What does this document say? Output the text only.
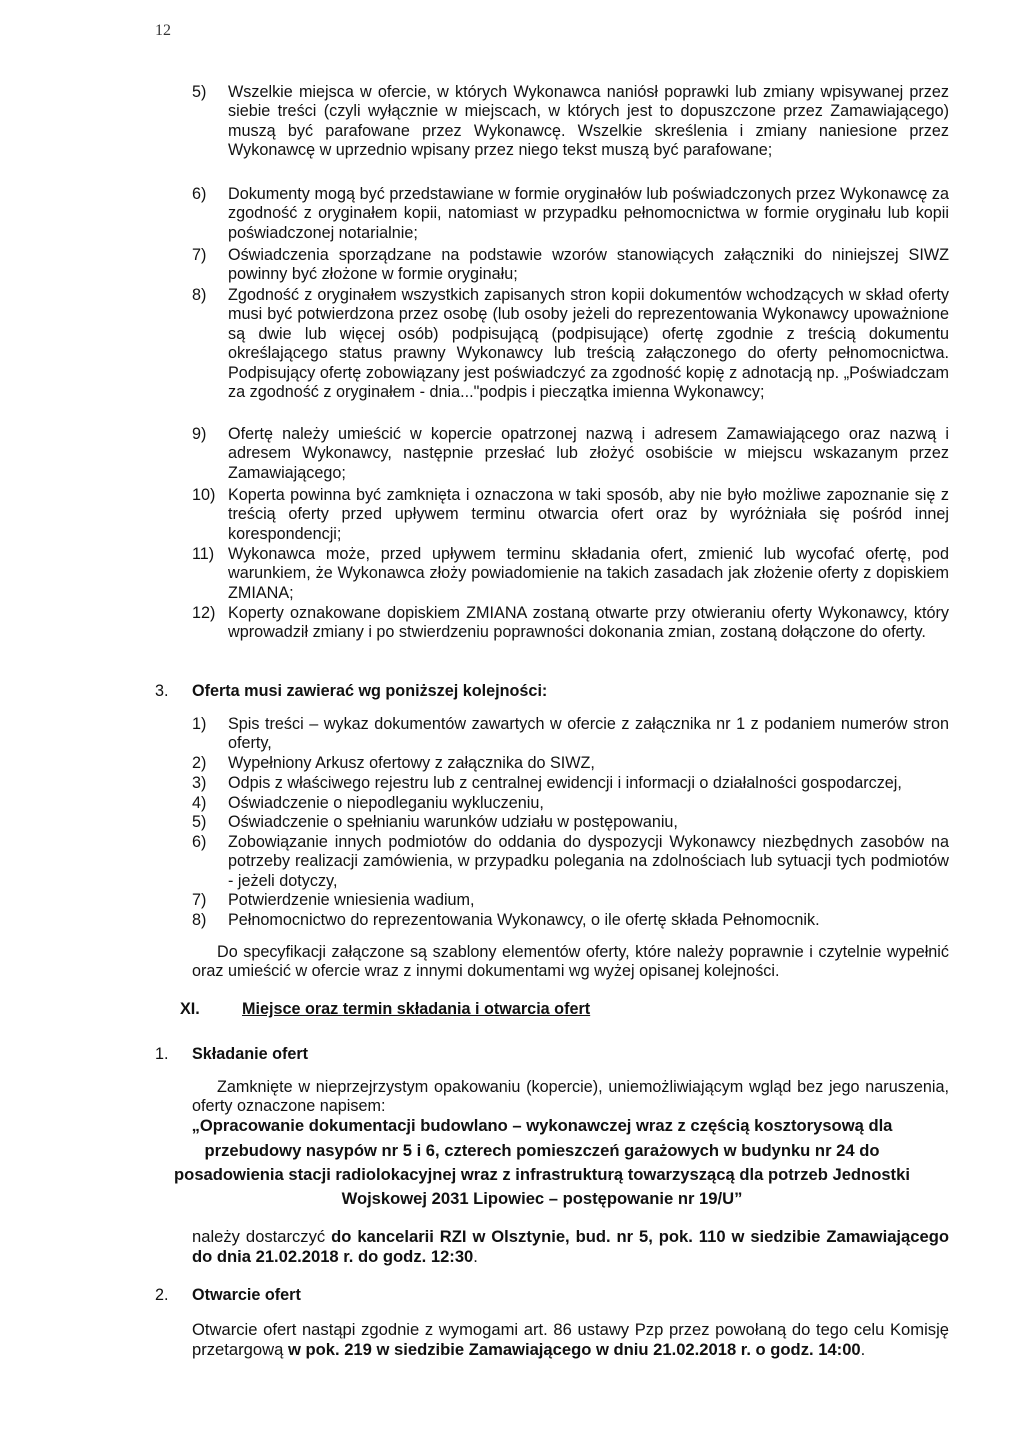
12
5) Wszelkie miejsca w ofercie, w których Wykonawca naniósł poprawki lub zmiany wpisywanej przez siebie treści (czyli wyłącznie w miejscach, w których jest to dopuszczone przez Zamawiającego) muszą być parafowane przez Wykonawcę. Wszelkie skreślenia i zmiany naniesione przez Wykonawcę w uprzednio wpisany przez niego tekst muszą być parafowane;
6) Dokumenty mogą być przedstawiane w formie oryginałów lub poświadczonych przez Wykonawcę za zgodność z oryginałem kopii, natomiast w przypadku pełnomocnictwa w formie oryginału lub kopii poświadczonej notarialnie;
7) Oświadczenia sporządzane na podstawie wzorów stanowiących załączniki do niniejszej SIWZ powinny być złożone w formie oryginału;
8) Zgodność z oryginałem wszystkich zapisanych stron kopii dokumentów wchodzących w skład oferty musi być potwierdzona przez osobę (lub osoby jeżeli do reprezentowania Wykonawcy upoważnione są dwie lub więcej osób) podpisującą (podpisujące) ofertę zgodnie z treścią dokumentu określającego status prawny Wykonawcy lub treścią załączonego do oferty pełnomocnictwa. Podpisujący ofertę zobowiązany jest poświadczyć za zgodność kopię z adnotacją np. „Poświadczam za zgodność z oryginałem - dnia..."podpis i pieczątka imienna Wykonawcy;
9) Ofertę należy umieścić w kopercie opatrzonej nazwą i adresem Zamawiającego oraz nazwą i adresem Wykonawcy, następnie przesłać lub złożyć osobiście w miejscu wskazanym przez Zamawiającego;
10) Koperta powinna być zamknięta i oznaczona w taki sposób, aby nie było możliwe zapoznanie się z treścią oferty przed upływem terminu otwarcia ofert oraz by wyróżniała się pośród innej korespondencji;
11) Wykonawca może, przed upływem terminu składania ofert, zmienić lub wycofać ofertę, pod warunkiem, że Wykonawca złoży powiadomienie na takich zasadach jak złożenie oferty z dopiskiem ZMIANA;
12) Koperty oznakowane dopiskiem ZMIANA zostaną otwarte przy otwieraniu oferty Wykonawcy, który wprowadził zmiany i po stwierdzeniu poprawności dokonania zmian, zostaną dołączone do oferty.
3. Oferta musi zawierać wg poniższej kolejności:
1) Spis treści – wykaz dokumentów zawartych w ofercie z załącznika nr 1 z podaniem numerów stron oferty,
2) Wypełniony Arkusz ofertowy z załącznika do SIWZ,
3) Odpis z właściwego rejestru lub z centralnej ewidencji i informacji o działalności gospodarczej,
4) Oświadczenie o niepodleganiu wykluczeniu,
5) Oświadczenie o spełnianiu warunków udziału w postępowaniu,
6) Zobowiązanie innych podmiotów do oddania do dyspozycji Wykonawcy niezbędnych zasobów na potrzeby realizacji zamówienia, w przypadku polegania na zdolnościach lub sytuacji tych podmiotów - jeżeli dotyczy,
7) Potwierdzenie wniesienia wadium,
8) Pełnomocnictwo do reprezentowania Wykonawcy, o ile ofertę składa Pełnomocnik.
Do specyfikacji załączone są szablony elementów oferty, które należy poprawnie i czytelnie wypełnić oraz umieścić w ofercie wraz z innymi dokumentami wg wyżej opisanej kolejności.
XI.	Miejsce oraz termin składania i otwarcia ofert
1. Składanie ofert
Zamknięte w nieprzejrzystym opakowaniu (kopercie), uniemożliwiającym wgląd bez jego naruszenia, oferty oznaczone napisem:
„Opracowanie dokumentacji budowlano – wykonawczej wraz z częścią kosztorysową dla
przebudowy nasypów nr 5 i 6, czterech pomieszczeń garażowych w budynku nr 24 do
posadowienia stacji radiolokacyjnej wraz z infrastrukturą towarzyszącą dla potrzeb Jednostki
Wojskowej 2031 Lipowiec – postępowanie nr 19/U”
należy dostarczyć do kancelarii RZI w Olsztynie, bud. nr 5, pok. 110 w siedzibie Zamawiającego do dnia 21.02.2018 r. do godz. 12:30.
2. Otwarcie ofert
Otwarcie ofert nastąpi zgodnie z wymogami art. 86 ustawy Pzp przez powołaną do tego celu Komisję przetargową w pok. 219 w siedzibie Zamawiającego w dniu 21.02.2018 r. o godz. 14:00.
